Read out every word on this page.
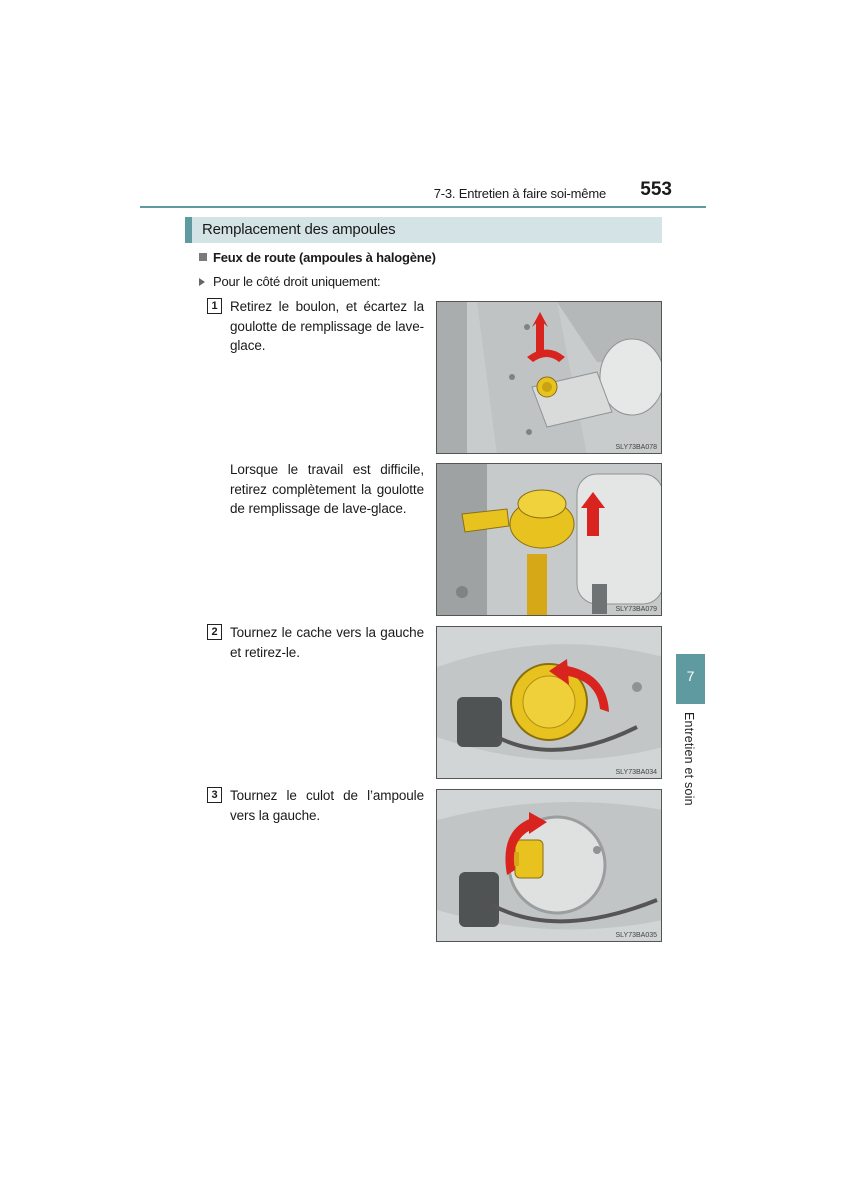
7-3. Entretien à faire soi-même	553
Remplacement des ampoules
Feux de route (ampoules à halogène)
Pour le côté droit uniquement:
1 Retirez le boulon, et écartez la goulotte de remplissage de lave-glace.
Lorsque le travail est difficile, retirez complètement la goulotte de remplissage de lave-glace.
2 Tournez le cache vers la gauche et retirez-le.
3 Tournez le culot de l’ampoule vers la gauche.
SLY73BA078
SLY73BA079
SLY73BA034
SLY73BA035
7
Entretien et soin
